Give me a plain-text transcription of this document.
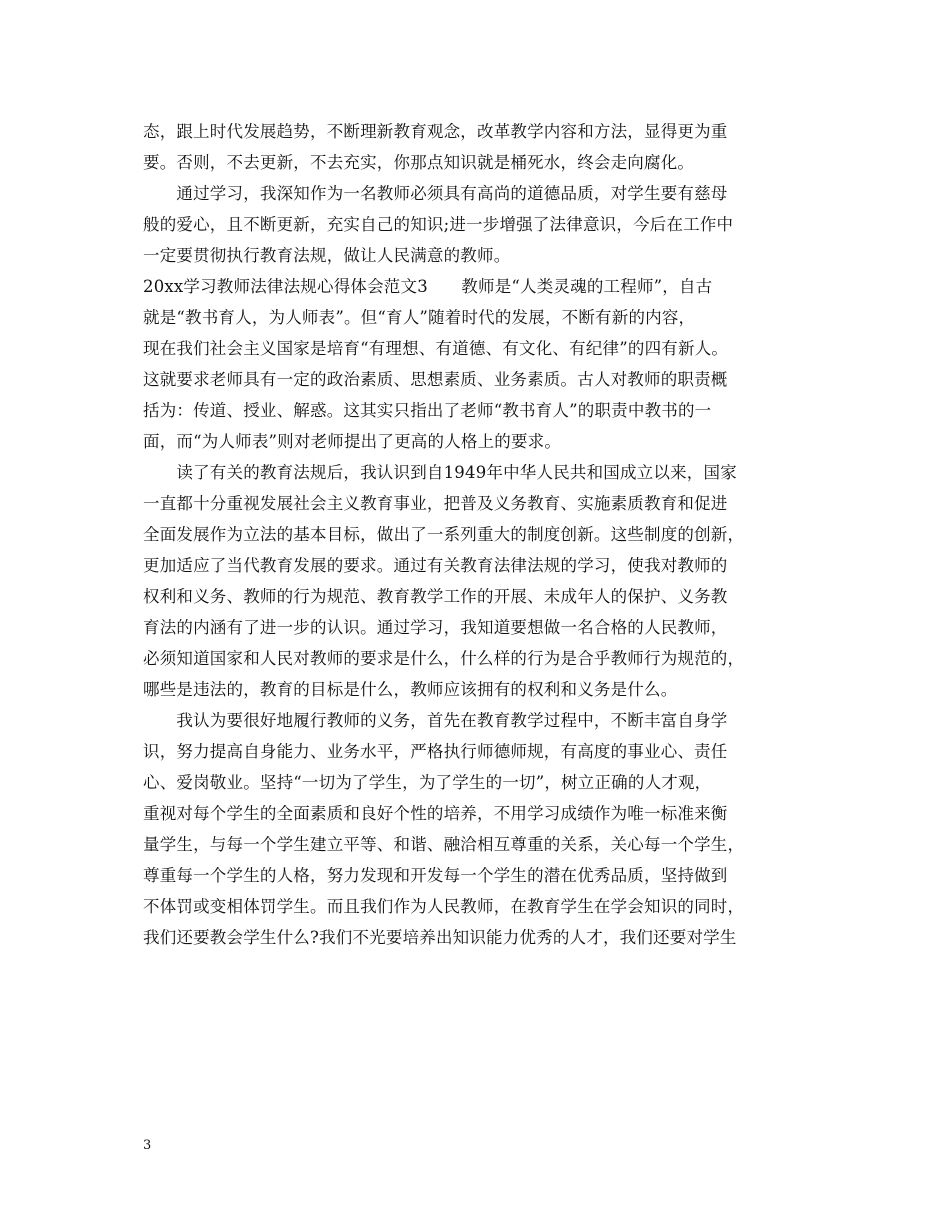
态，跟上时代发展趋势，不断理新教育观念，改革教学内容和方法，显得更为重
要。否则，不去更新，不去充实，你那点知识就是桶死水，终会走向腐化。
　　通过学习，我深知作为一名教师必须具有高尚的道德品质，对学生要有慈母
般的爱心，且不断更新，充实自己的知识;进一步增强了法律意识，今后在工作中
一定要贯彻执行教育法规，做让人民满意的教师。
20xx学习教师法律法规心得体会范文3　　教师是“人类灵魂的工程师”，自古
就是“教书育人，为人师表”。但“育人”随着时代的发展，不断有新的内容，
现在我们社会主义国家是培育“有理想、有道德、有文化、有纪律”的四有新人。
这就要求老师具有一定的政治素质、思想素质、业务素质。古人对教师的职责概
括为：传道、授业、解惑。这其实只指出了老师“教书育人”的职责中教书的一
面，而“为人师表”则对老师提出了更高的人格上的要求。
　　读了有关的教育法规后，我认识到自1949年中华人民共和国成立以来，国家
一直都十分重视发展社会主义教育事业，把普及义务教育、实施素质教育和促进
全面发展作为立法的基本目标，做出了一系列重大的制度创新。这些制度的创新，
更加适应了当代教育发展的要求。通过有关教育法律法规的学习，使我对教师的
权利和义务、教师的行为规范、教育教学工作的开展、未成年人的保护、义务教
育法的内涵有了进一步的认识。通过学习，我知道要想做一名合格的人民教师，
必须知道国家和人民对教师的要求是什么，什么样的行为是合乎教师行为规范的，
哪些是违法的，教育的目标是什么，教师应该拥有的权利和义务是什么。
　　我认为要很好地履行教师的义务，首先在教育教学过程中，不断丰富自身学
识，努力提高自身能力、业务水平，严格执行师德师规，有高度的事业心、责任
心、爱岗敬业。坚持“一切为了学生，为了学生的一切”，树立正确的人才观，
重视对每个学生的全面素质和良好个性的培养，不用学习成绩作为唯一标准来衡
量学生，与每一个学生建立平等、和谐、融洽相互尊重的关系，关心每一个学生，
尊重每一个学生的人格，努力发现和开发每一个学生的潜在优秀品质，坚持做到
不体罚或变相体罚学生。而且我们作为人民教师，在教育学生在学会知识的同时，
我们还要教会学生什么?我们不光要培养出知识能力优秀的人才，我们还要对学生
3
